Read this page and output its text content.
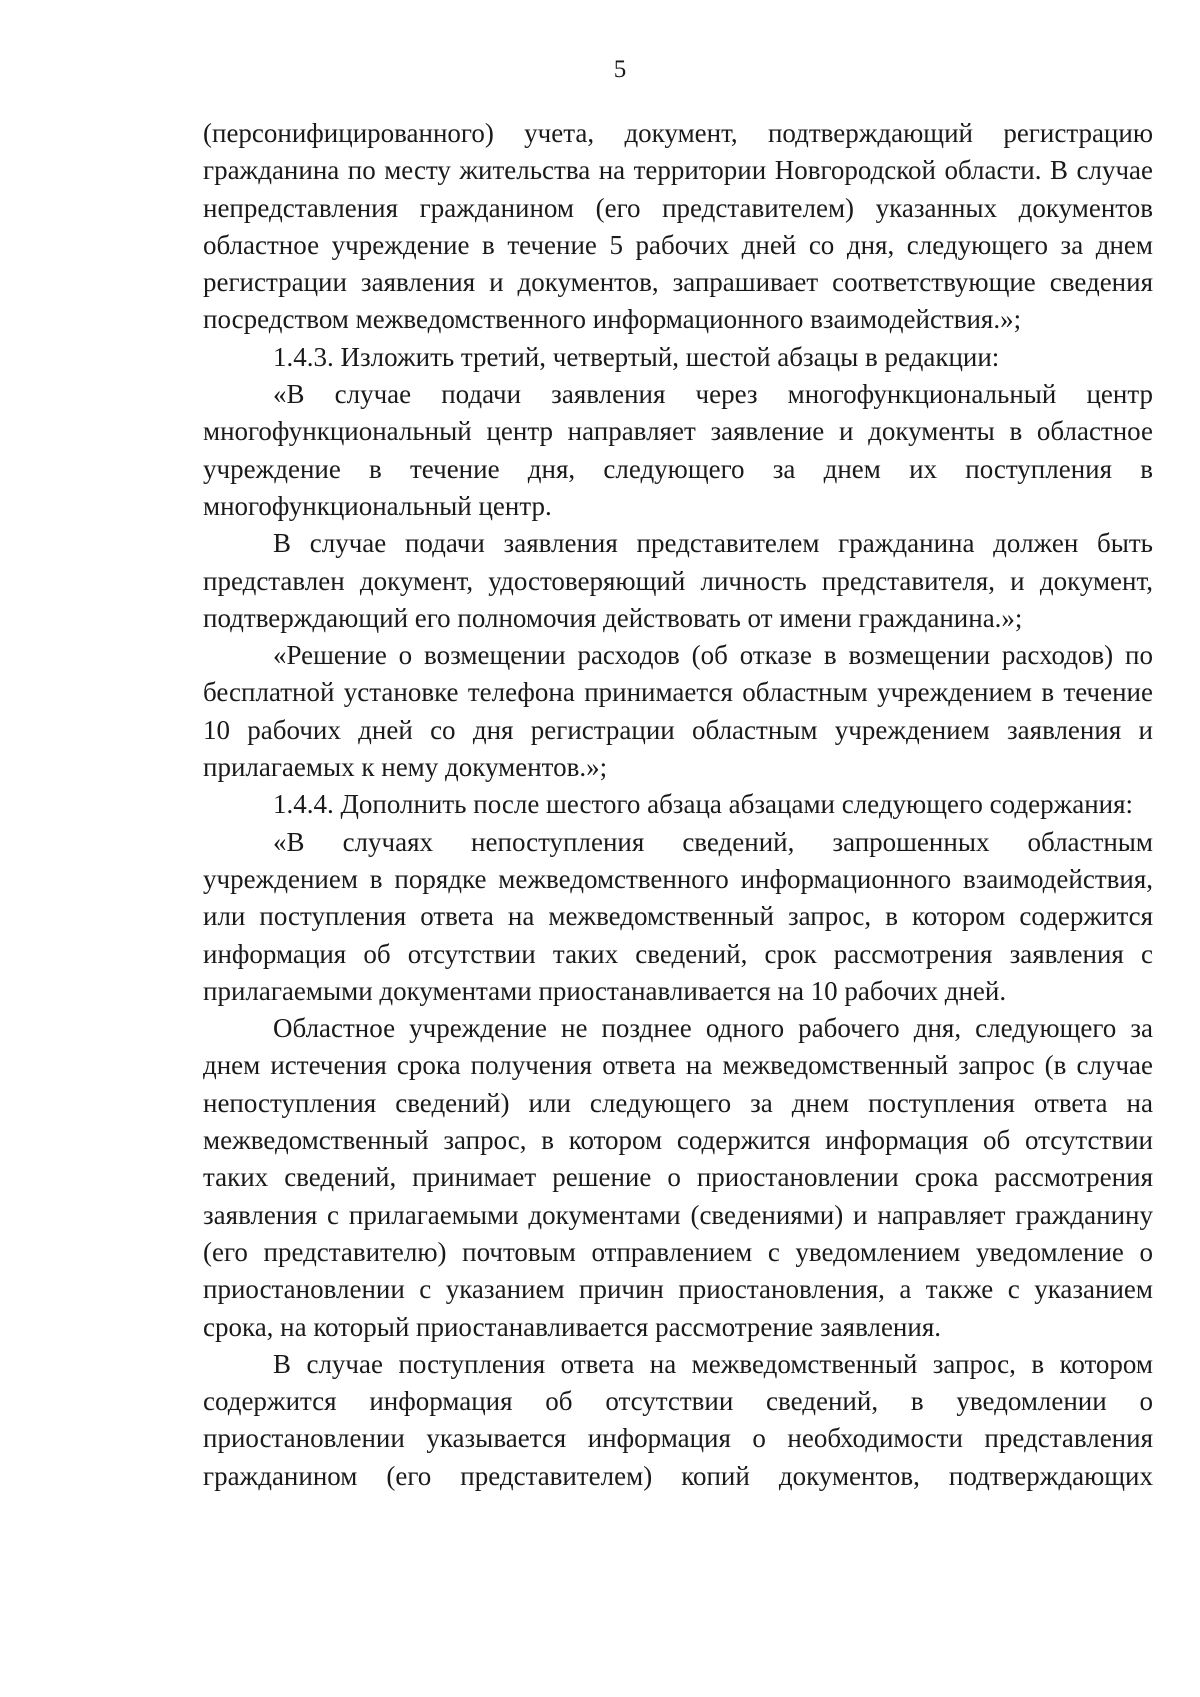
5

(персонифицированного) учета, документ, подтверждающий регистрацию гражданина по месту жительства на территории Новгородской области. В случае непредставления гражданином (его представителем) указанных документов областное учреждение в течение 5 рабочих дней со дня, следующего за днем регистрации заявления и документов, запрашивает соответствующие сведения посредством межведомственного информационного взаимодействия.»;

1.4.3. Изложить третий, четвертый, шестой абзацы в редакции:

«В случае подачи заявления через многофункциональный центр многофункциональный центр направляет заявление и документы в областное учреждение в течение дня, следующего за днем их поступления в многофункциональный центр.

В случае подачи заявления представителем гражданина должен быть представлен документ, удостоверяющий личность представителя, и документ, подтверждающий его полномочия действовать от имени гражданина.»;

«Решение о возмещении расходов (об отказе в возмещении расходов) по бесплатной установке телефона принимается областным учреждением в течение 10 рабочих дней со дня регистрации областным учреждением заявления и прилагаемых к нему документов.»;

1.4.4. Дополнить после шестого абзаца абзацами следующего содержания:

«В случаях непоступления сведений, запрошенных областным учреждением в порядке межведомственного информационного взаимодействия, или поступления ответа на межведомственный запрос, в котором содержится информация об отсутствии таких сведений, срок рассмотрения заявления с прилагаемыми документами приостанавливается на 10 рабочих дней.

Областное учреждение не позднее одного рабочего дня, следующего за днем истечения срока получения ответа на межведомственный запрос (в случае непоступления сведений) или следующего за днем поступления ответа на межведомственный запрос, в котором содержится информация об отсутствии таких сведений, принимает решение о приостановлении срока рассмотрения заявления с прилагаемыми документами (сведениями) и направляет гражданину (его представителю) почтовым отправлением с уведомлением уведомление о приостановлении с указанием причин приостановления, а также с указанием срока, на который приостанавливается рассмотрение заявления.

В случае поступления ответа на межведомственный запрос, в котором содержится информация об отсутствии сведений, в уведомлении о приостановлении указывается информация о необходимости представления гражданином (его представителем) копий документов, подтверждающих
